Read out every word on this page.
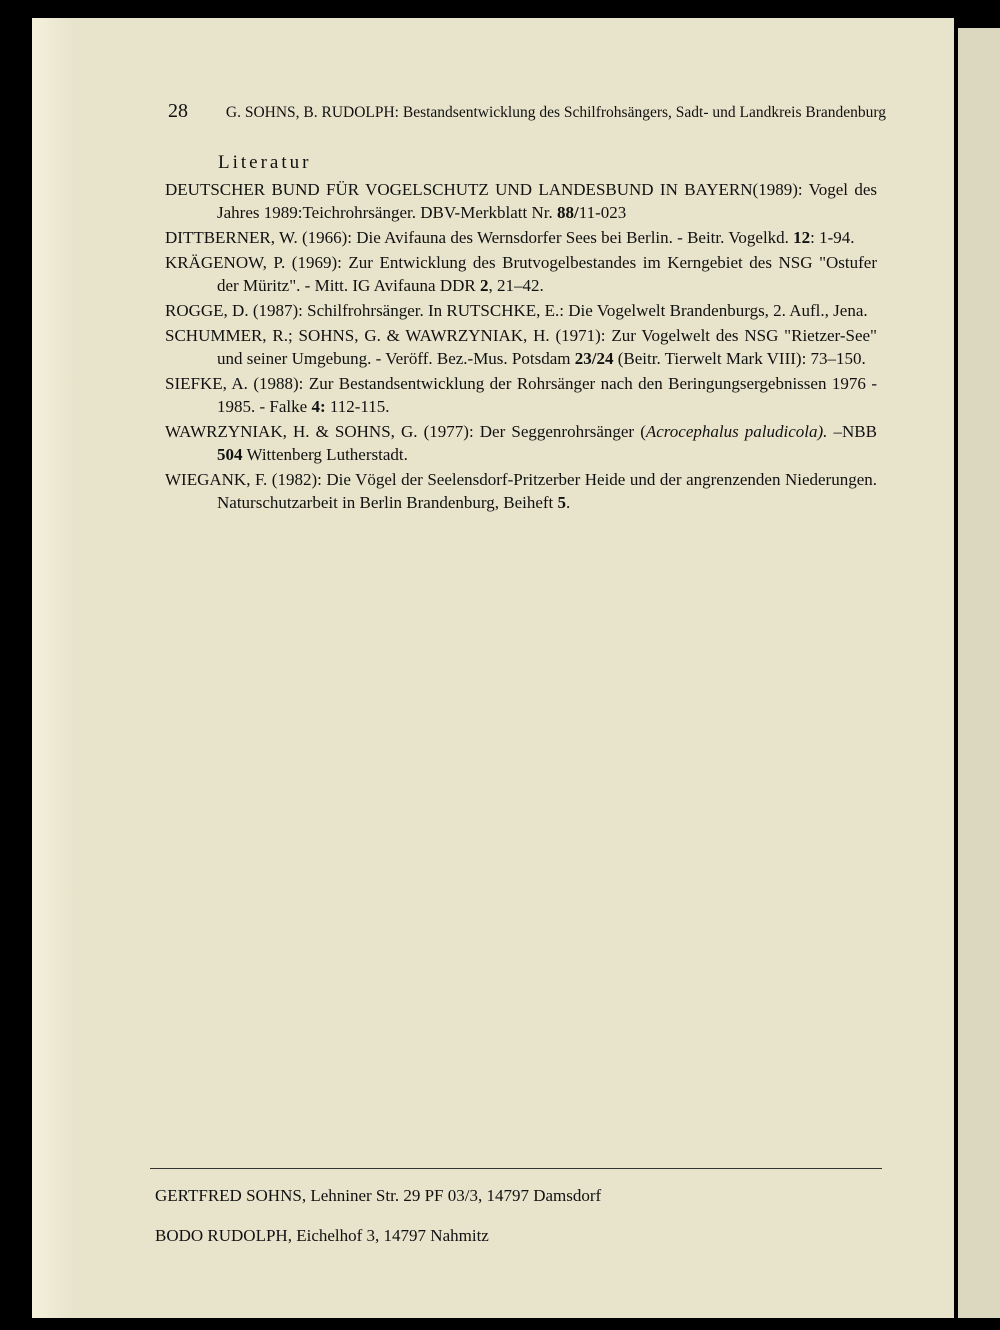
28 G. SOHNS, B. RUDOLPH: Bestandsentwicklung des Schilfrohsängers, Sadt- und Landkreis Brandenburg
Literatur

DEUTSCHER BUND FÜR VOGELSCHUTZ UND LANDESBUND IN BAYERN(1989): Vogel des Jahres 1989:Teichrohrsänger. DBV-Merkblatt Nr. 88/11-023

DITTBERNER, W. (1966): Die Avifauna des Wernsdorfer Sees bei Berlin. - Beitr. Vogelkd. 12: 1-94.

KRÄGENOW, P. (1969): Zur Entwicklung des Brutvogelbestandes im Kerngebiet des NSG "Ostufer der Müritz". - Mitt. IG Avifauna DDR 2, 21–42.

ROGGE, D. (1987): Schilfrohrsänger. In RUTSCHKE, E.: Die Vogelwelt Brandenburgs, 2. Aufl., Jena.

SCHUMMER, R.; SOHNS, G. & WAWRZYNIAK, H. (1971): Zur Vogelwelt des NSG "Rietzer-See" und seiner Umgebung. - Veröff. Bez.-Mus. Potsdam 23/24 (Beitr. Tierwelt Mark VIII): 73–150.

SIEFKE, A. (1988): Zur Bestandsentwicklung der Rohrsänger nach den Beringungsergebnissen 1976 - 1985. - Falke 4: 112-115.

WAWRZYNIAK, H. & SOHNS, G. (1977): Der Seggenrohrsänger (Acrocephalus paludicola). –NBB 504 Wittenberg Lutherstadt.

WIEGANK, F. (1982): Die Vögel der Seelensdorf-Pritzerber Heide und der angrenzenden Niederungen. Naturschutzarbeit in Berlin Brandenburg, Beiheft 5.

GERTFRED SOHNS, Lehniner Str. 29 PF 03/3, 14797 Damsdorf
BODO RUDOLPH, Eichelhof 3, 14797 Nahmitz
